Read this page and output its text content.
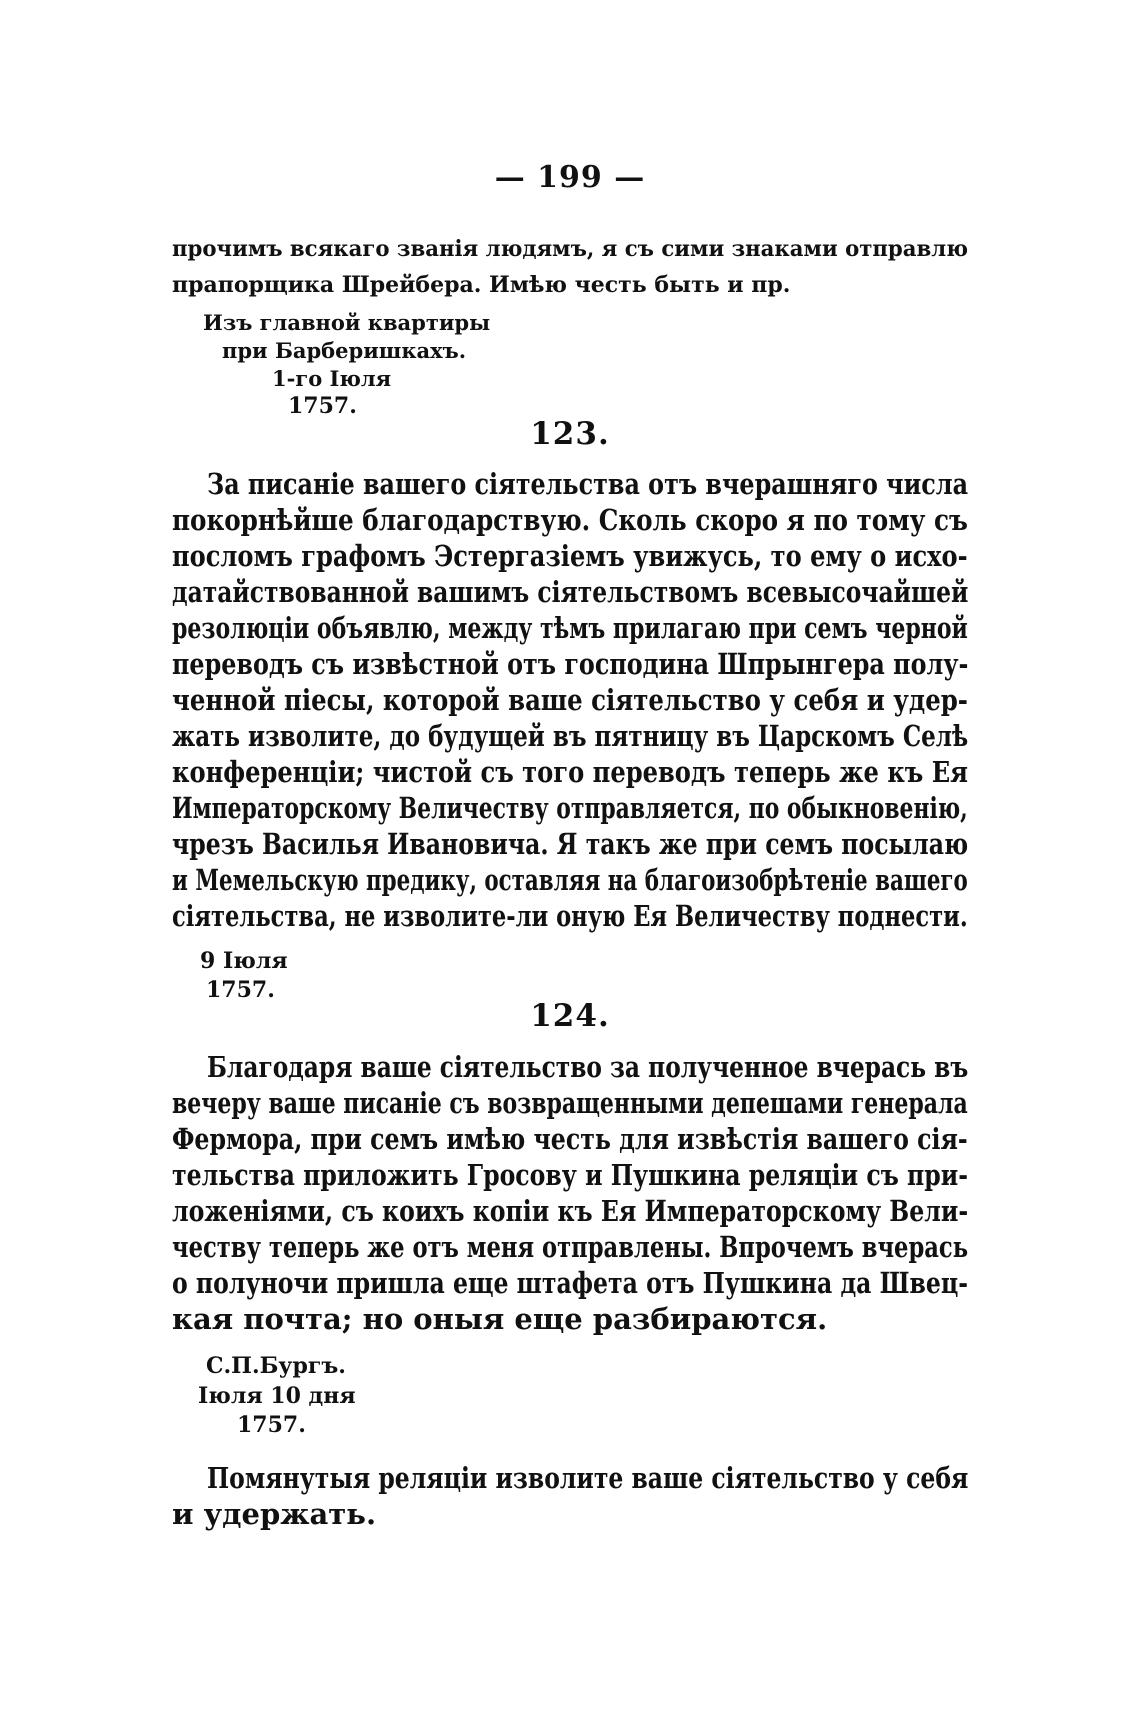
— 199 —
прочимъ всякаго званія людямъ, я съ сими знаками отправлю
прапорщика Шрейбера. Имѣю честь быть и пр.
Изъ главной квартиры
при Барберишкахъ.
1-го Іюля
1757.
123.
За писаніе вашего сіятельства отъ вчерашняго числа
покорнѣйше благодарствую. Сколь скоро я по тому съ
посломъ графомъ Эстергазіемъ увижусь, то ему о исхо-
датайствованной вашимъ сіятельствомъ всевысочайшей
резолюціи объявлю, между тѣмъ прилагаю при семъ черной
переводъ съ извѣстной отъ господина Шпрынгера полу-
ченной піесы, которой ваше сіятельство у себя и удер-
жать изволите, до будущей въ пятницу въ Царскомъ Селѣ
конференціи; чистой съ того переводъ теперь же къ Ея
Императорскому Величеству отправляется, по обыкновенію,
чрезъ Василья Ивановича. Я такъ же при семъ посылаю
и Мемельскую предику, оставляя на благоизобрѣтеніе вашего
сіятельства, не изволите-ли оную Ея Величеству поднести.
9 Іюля
1757.
124.
Благодаря ваше сіятельство за полученное вчерась въ
вечеру ваше писаніе съ возвращенными депешами генерала
Фермора, при семъ имѣю честь для извѣстія вашего сія-
тельства приложить Гросову и Пушкина реляціи съ при-
ложеніями, съ коихъ копіи къ Ея Императорскому Вели-
честву теперь же отъ меня отправлены. Впрочемъ вчерась
о полуночи пришла еще штафета отъ Пушкина да Швец-
кая почта; но оныя еще разбираются.
С.П.Бургъ.
Іюля 10 дня
1757.
Помянутыя реляціи изволите ваше сіятельство у себя
и удержать.
